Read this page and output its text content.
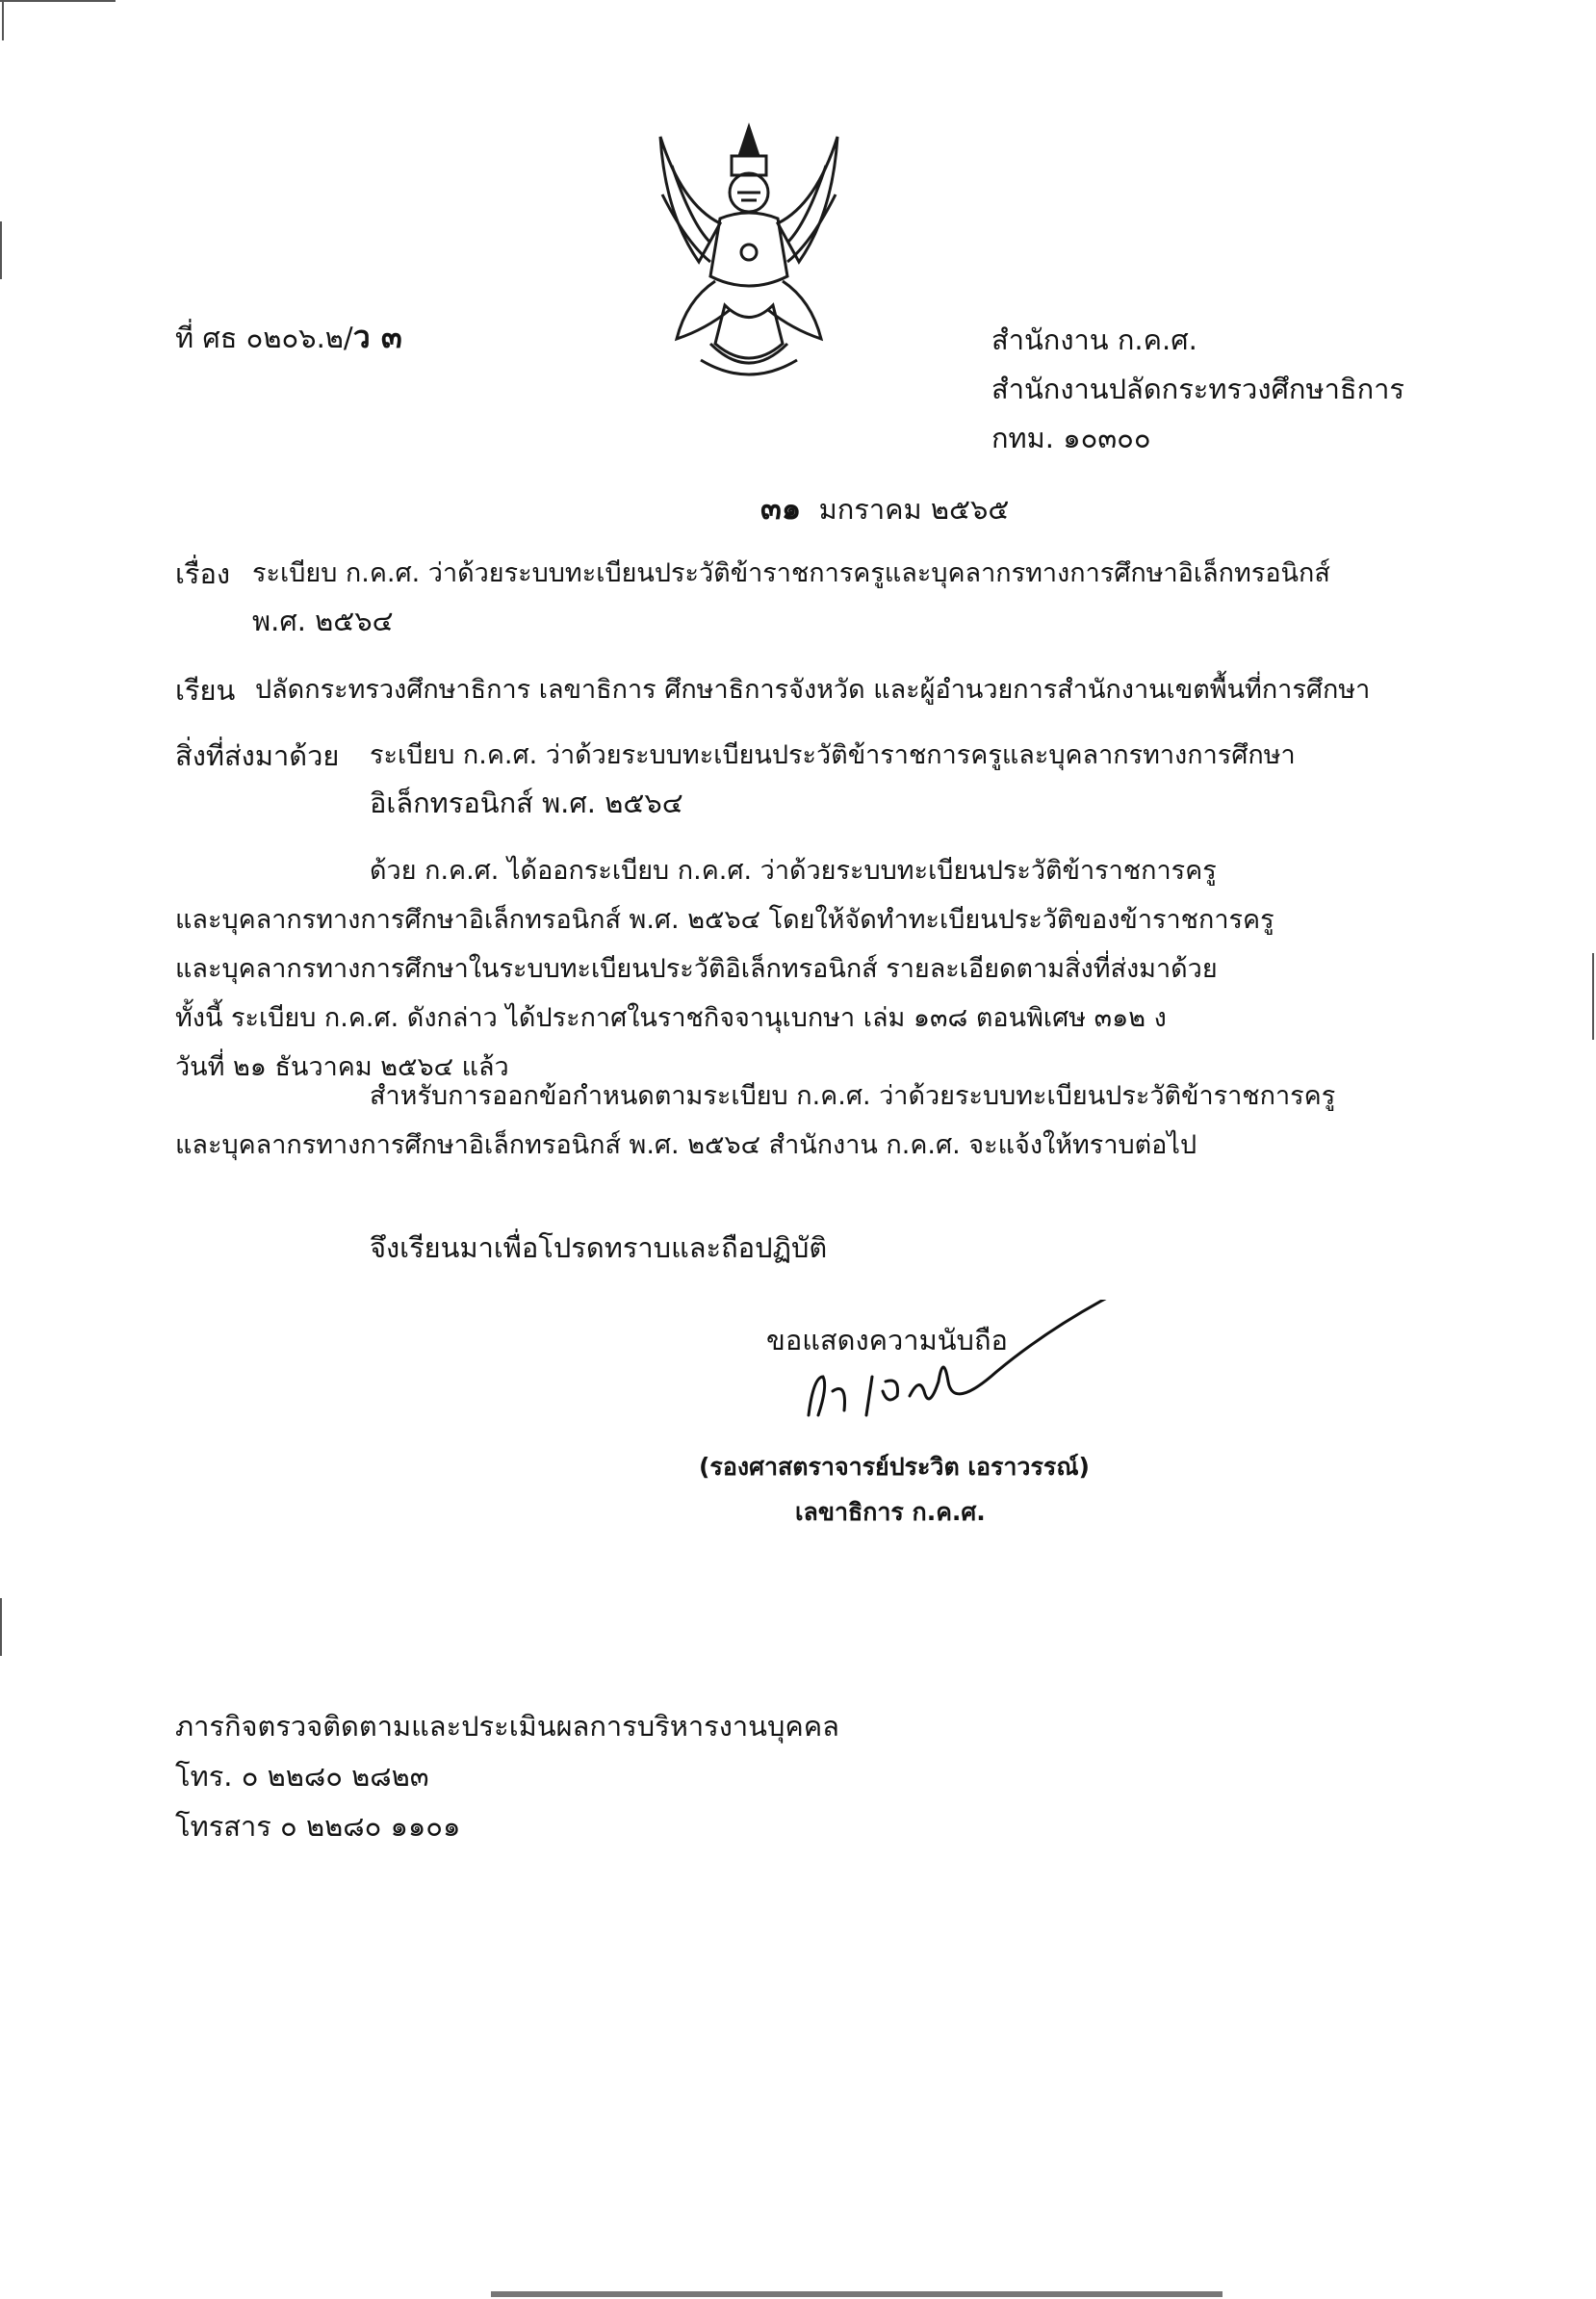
ที่ ศธ ๐๒๐๖.๒/ว ๓	สำนักงาน ก.ค.ศ.
สำนักงานปลัดกระทรวงศึกษาธิการ
กทม. ๑๐๓๐๐
๓๑ มกราคม ๒๕๖๕
เรื่อง ระเบียบ ก.ค.ศ. ว่าด้วยระบบทะเบียนประวัติข้าราชการครูและบุคลากรทางการศึกษาอิเล็กทรอนิกส์
พ.ศ. ๒๕๖๔
เรียน ปลัดกระทรวงศึกษาธิการ เลขาธิการ ศึกษาธิการจังหวัด และผู้อำนวยการสำนักงานเขตพื้นที่การศึกษา
สิ่งที่ส่งมาด้วย ระเบียบ ก.ค.ศ. ว่าด้วยระบบทะเบียนประวัติข้าราชการครูและบุคลากรทางการศึกษา
อิเล็กทรอนิกส์ พ.ศ. ๒๕๖๔
ด้วย ก.ค.ศ. ได้ออกระเบียบ ก.ค.ศ. ว่าด้วยระบบทะเบียนประวัติข้าราชการครู
และบุคลากรทางการศึกษาอิเล็กทรอนิกส์ พ.ศ. ๒๕๖๔ โดยให้จัดทำทะเบียนประวัติของข้าราชการครู
และบุคลากรทางการศึกษาในระบบทะเบียนประวัติอิเล็กทรอนิกส์ รายละเอียดตามสิ่งที่ส่งมาด้วย
ทั้งนี้ ระเบียบ ก.ค.ศ. ดังกล่าว ได้ประกาศในราชกิจจานุเบกษา เล่ม ๑๓๘ ตอนพิเศษ ๓๑๒ ง
วันที่ ๒๑ ธันวาคม ๒๕๖๔ แล้ว
สำหรับการออกข้อกำหนดตามระเบียบ ก.ค.ศ. ว่าด้วยระบบทะเบียนประวัติข้าราชการครู
และบุคลากรทางการศึกษาอิเล็กทรอนิกส์ พ.ศ. ๒๕๖๔ สำนักงาน ก.ค.ศ. จะแจ้งให้ทราบต่อไป
จึงเรียนมาเพื่อโปรดทราบและถือปฏิบัติ
ขอแสดงความนับถือ
(รองศาสตราจารย์ประวิต เอราวรรณ์)
เลขาธิการ ก.ค.ศ.
ภารกิจตรวจติดตามและประเมินผลการบริหารงานบุคคล
โทร. ๐ ๒๒๘๐ ๒๘๒๓
โทรสาร ๐ ๒๒๘๐ ๑๑๐๑
